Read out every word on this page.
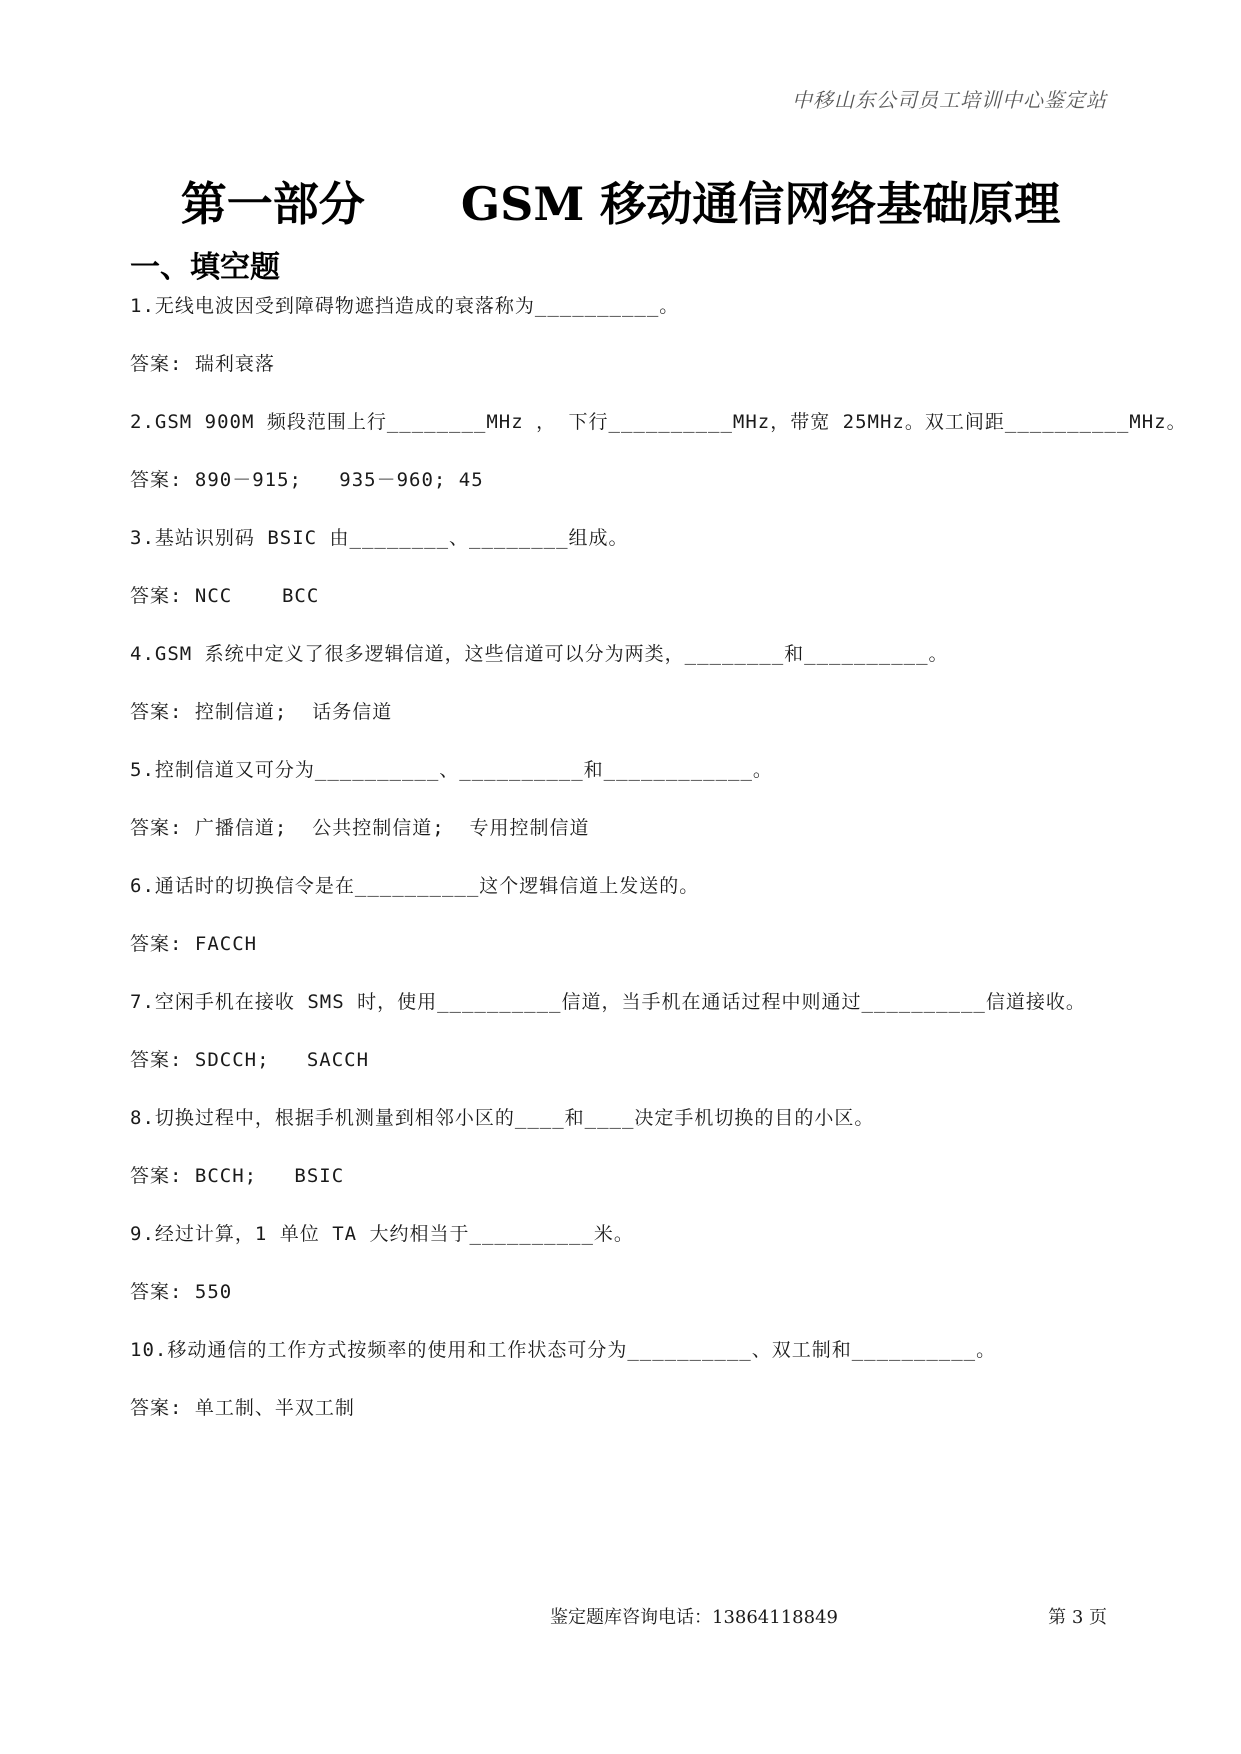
中移山东公司员工培训中心鉴定站
第一部分      GSM 移动通信网络基础原理
一、填空题
1.无线电波因受到障碍物遮挡造成的衰落称为__________。
答案: 瑞利衰落
2.GSM 900M 频段范围上行________MHz ， 下行__________MHz，带宽 25MHz。双工间距__________MHz。
答案: 890－915;   935－960; 45
3.基站识别码 BSIC 由________、________组成。
答案: NCC    BCC
4.GSM 系统中定义了很多逻辑信道，这些信道可以分为两类，________和__________。
答案: 控制信道;  话务信道
5.控制信道又可分为__________、__________和____________。
答案: 广播信道;  公共控制信道;  专用控制信道
6.通话时的切换信令是在__________这个逻辑信道上发送的。
答案: FACCH
7.空闲手机在接收 SMS 时，使用__________信道，当手机在通话过程中则通过__________信道接收。
答案: SDCCH;   SACCH
8.切换过程中，根据手机测量到相邻小区的____和____决定手机切换的目的小区。
答案: BCCH;   BSIC
9.经过计算，1 单位 TA 大约相当于__________米。
答案: 550
10.移动通信的工作方式按频率的使用和工作状态可分为__________、双工制和__________。
答案: 单工制、半双工制
鉴定题库咨询电话：13864118849	第 3 页
